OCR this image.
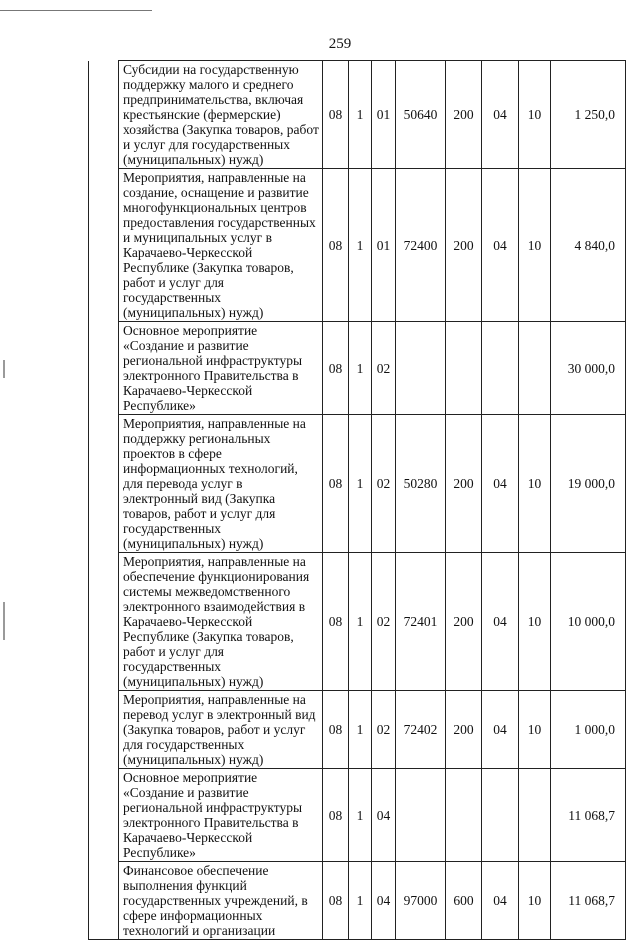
259
	Субсидии на государственную поддержку малого и среднего предпринимательства, включая крестьянские (фермерские) хозяйства (Закупка товаров, работ и услуг для государственных (муниципальных) нужд)	08	1	01	50640	200	04	10	1 250,0
	Мероприятия, направленные на создание, оснащение и развитие многофункциональных центров предоставления государственных и муниципальных услуг в Карачаево-Черкесской Республике (Закупка товаров, работ и услуг для государственных (муниципальных) нужд)	08	1	01	72400	200	04	10	4 840,0
	Основное мероприятие «Создание и развитие региональной инфраструктуры электронного Правительства в Карачаево-Черкесской Республике»	08	1	02					30 000,0
	Мероприятия, направленные на поддержку региональных проектов в сфере информационных технологий, для перевода услуг в электронный вид (Закупка товаров, работ и услуг для государственных (муниципальных) нужд)	08	1	02	50280	200	04	10	19 000,0
	Мероприятия, направленные на обеспечение функционирования системы межведомственного электронного взаимодействия в Карачаево-Черкесской Республике (Закупка товаров, работ и услуг для государственных (муниципальных) нужд)	08	1	02	72401	200	04	10	10 000,0
	Мероприятия, направленные на перевод услуг в электронный вид (Закупка товаров, работ и услуг для государственных (муниципальных) нужд)	08	1	02	72402	200	04	10	1 000,0
	Основное мероприятие «Создание и развитие региональной инфраструктуры электронного Правительства в Карачаево-Черкесской Республике»	08	1	04					11 068,7
	Финансовое обеспечение выполнения функций государственных учреждений, в сфере информационных технологий и организации	08	1	04	97000	600	04	10	11 068,7
